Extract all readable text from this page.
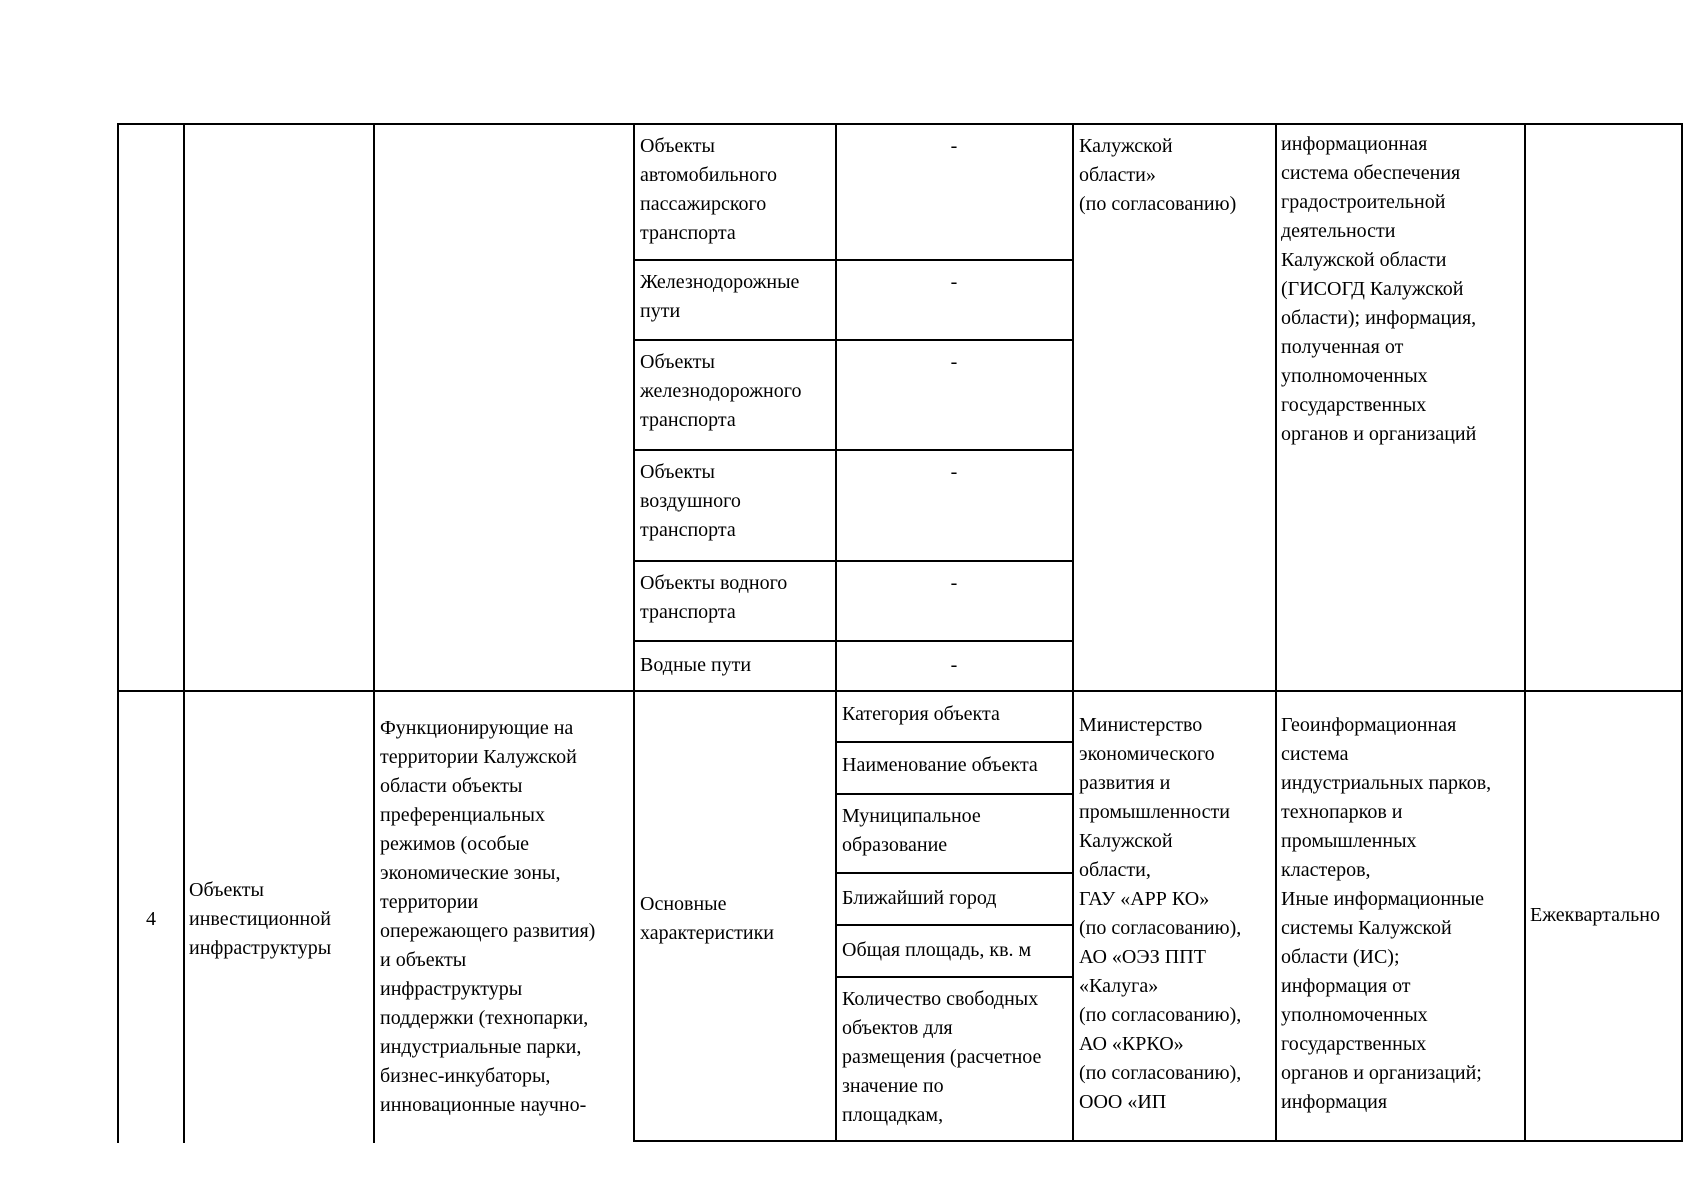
Объекты
автомобильного
пассажирского
транспорта
-
Железнодорожные
пути
-
Объекты
железнодорожного
транспорта
-
Объекты
воздушного
транспорта
-
Объекты водного
транспорта
-
Водные пути	-
Калужской
области»
(по согласованию)
информационная
система обеспечения
градостроительной
деятельности
Калужской области
(ГИСОГД Калужской
области); информация,
полученная от
уполномоченных
государственных
органов и организаций
4
Объекты
инвестиционной
инфраструктуры
Функционирующие на
территории Калужской
области объекты
преференциальных
режимов (особые
экономические зоны,
территории
опережающего развития)
и объекты
инфраструктуры
поддержки (технопарки,
индустриальные парки,
бизнес-инкубаторы,
инновационные научно-
Основные
характеристики
Категория объекта
Наименование объекта
Муниципальное
образование
Ближайший город
Общая площадь, кв. м
Количество свободных
объектов для
размещения (расчетное
значение по
площадкам,
Министерство
экономического
развития и
промышленности
Калужской
области,
ГАУ «АРР КО»
(по согласованию),
АО «ОЭЗ ППТ
«Калуга»
(по согласованию),
АО «КРКО»
(по согласованию),
ООО «ИП
Геоинформационная
система
индустриальных парков,
технопарков и
промышленных
кластеров,
Иные информационные
системы Калужской
области (ИС);
информация от
уполномоченных
государственных
органов и организаций;
информация
Ежеквартально
